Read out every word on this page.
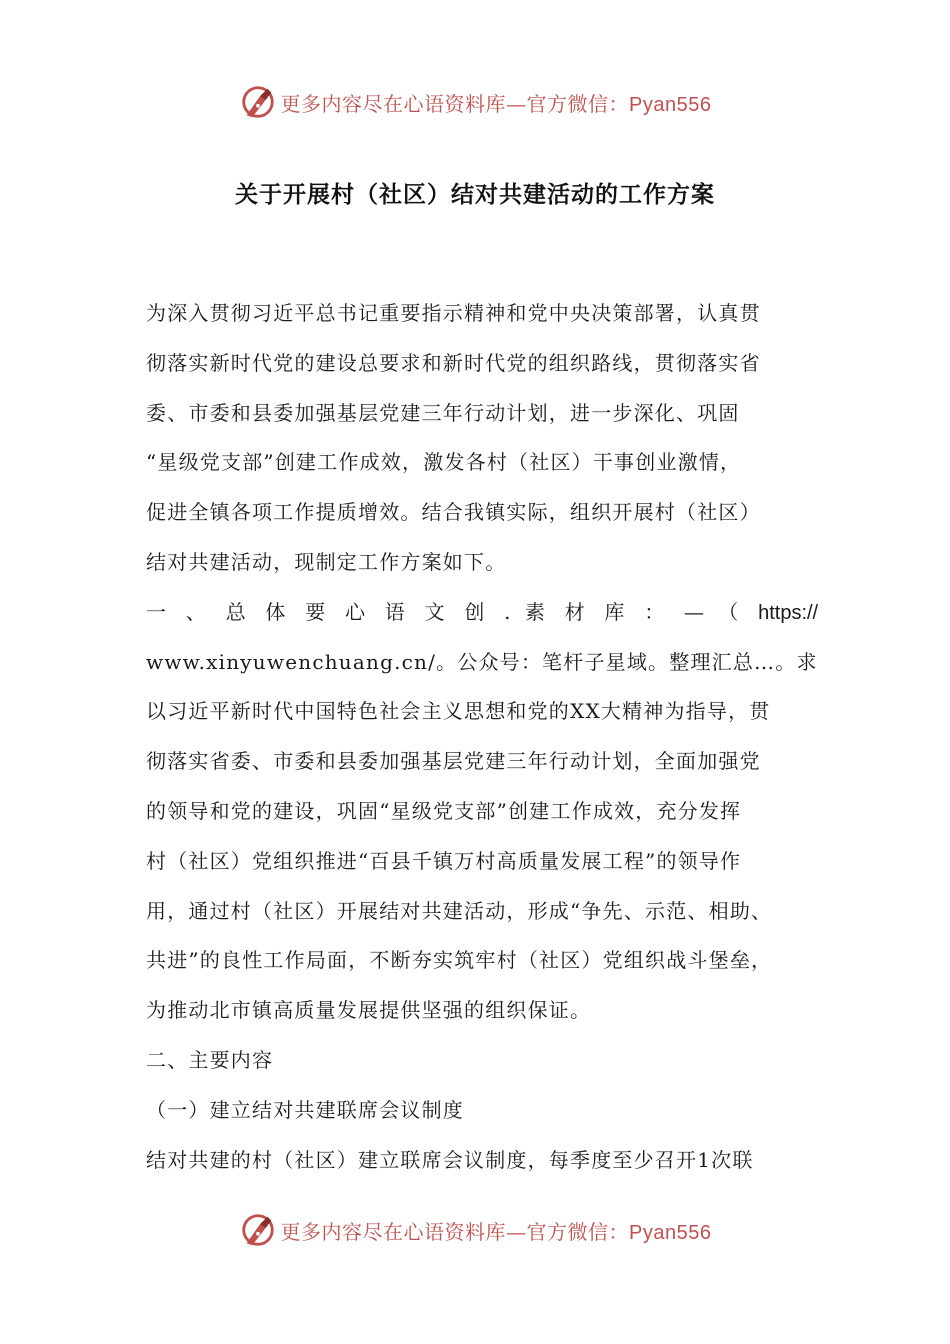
更多内容尽在心语资料库—官方微信：Pyan556
关于开展村（社区）结对共建活动的工作方案
为深入贯彻习近平总书记重要指示精神和党中央决策部署，认真贯
彻落实新时代党的建设总要求和新时代党的组织路线，贯彻落实省
委、市委和县委加强基层党建三年行动计划，进一步深化、巩固
“星级党支部”创建工作成效，激发各村（社区）干事创业激情，
促进全镇各项工作提质增效。结合我镇实际，组织开展村（社区）
结对共建活动，现制定工作方案如下。
一 、 总 体 要 心 语 文 创 . 素 材 库 ： — （ https://
www.xinyuwenchuang.cn/。公众号：笔杆子星域。整理汇总…。求
以习近平新时代中国特色社会主义思想和党的XX大精神为指导，贯
彻落实省委、市委和县委加强基层党建三年行动计划，全面加强党
的领导和党的建设，巩固“星级党支部”创建工作成效，充分发挥
村（社区）党组织推进“百县千镇万村高质量发展工程”的领导作
用，通过村（社区）开展结对共建活动，形成“争先、示范、相助、
共进”的良性工作局面，不断夯实筑牢村（社区）党组织战斗堡垒，
为推动北市镇高质量发展提供坚强的组织保证。
二、主要内容
（一）建立结对共建联席会议制度
结对共建的村（社区）建立联席会议制度，每季度至少召开1次联
更多内容尽在心语资料库—官方微信：Pyan556
